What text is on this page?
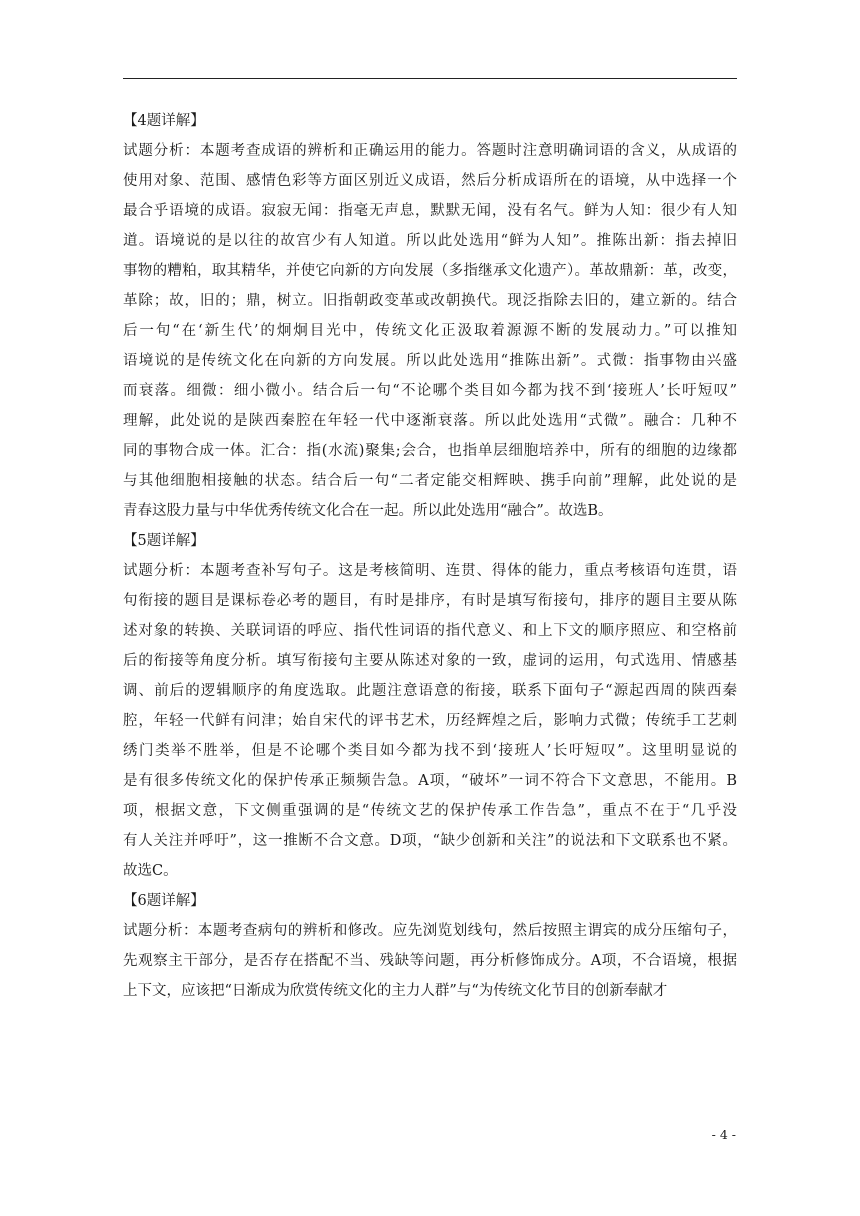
【4题详解】

试题分析：本题考查成语的辨析和正确运用的能力。答题时注意明确词语的含义，从成语的

使用对象、范围、感情色彩等方面区别近义成语，然后分析成语所在的语境，从中选择一个

最合乎语境的成语。寂寂无闻：指毫无声息，默默无闻，没有名气。鲜为人知：很少有人知

道。语境说的是以往的故宫少有人知道。所以此处选用“鲜为人知”。推陈出新：指去掉旧

事物的糟粕，取其精华，并使它向新的方向发展（多指继承文化遗产）。革故鼎新：革，改变，

革除；故，旧的；鼎，树立。旧指朝政变革或改朝换代。现泛指除去旧的，建立新的。结合

后一句“在‘新生代’的炯炯目光中，传统文化正汲取着源源不断的发展动力。”可以推知

语境说的是传统文化在向新的方向发展。所以此处选用“推陈出新”。式微：指事物由兴盛

而衰落。细微：细小微小。结合后一句“不论哪个类目如今都为找不到‘接班人’长吁短叹”

理解，此处说的是陕西秦腔在年轻一代中逐渐衰落。所以此处选用“式微”。融合：几种不

同的事物合成一体。汇合：指(水流)聚集;会合，也指单层细胞培养中，所有的细胞的边缘都

与其他细胞相接触的状态。结合后一句“二者定能交相辉映、携手向前”理解，此处说的是

青春这股力量与中华优秀传统文化合在一起。所以此处选用“融合”。故选B。

【5题详解】

试题分析：本题考查补写句子。这是考核简明、连贯、得体的能力，重点考核语句连贯，语

句衔接的题目是课标卷必考的题目，有时是排序，有时是填写衔接句，排序的题目主要从陈

述对象的转换、关联词语的呼应、指代性词语的指代意义、和上下文的顺序照应、和空格前

后的衔接等角度分析。填写衔接句主要从陈述对象的一致，虚词的运用，句式选用、情感基

调、前后的逻辑顺序的角度选取。此题注意语意的衔接，联系下面句子“源起西周的陕西秦

腔，年轻一代鲜有问津；始自宋代的评书艺术，历经辉煌之后，影响力式微；传统手工艺刺

绣门类举不胜举，但是不论哪个类目如今都为找不到‘接班人’长吁短叹”。这里明显说的

是有很多传统文化的保护传承正频频告急。A项，“破坏”一词不符合下文意思，不能用。B

项，根据文意，下文侧重强调的是“传统文艺的保护传承工作告急”，重点不在于“几乎没

有人关注并呼吁”，这一推断不合文意。D项，“缺少创新和关注”的说法和下文联系也不紧。

故选C。

【6题详解】

试题分析：本题考查病句的辨析和修改。应先浏览划线句，然后按照主谓宾的成分压缩句子，

先观察主干部分，是否存在搭配不当、残缺等问题，再分析修饰成分。A项，不合语境，根据

上下文，应该把“日渐成为欣赏传统文化的主力人群”与“为传统文化节目的创新奉献才

- 4 -
